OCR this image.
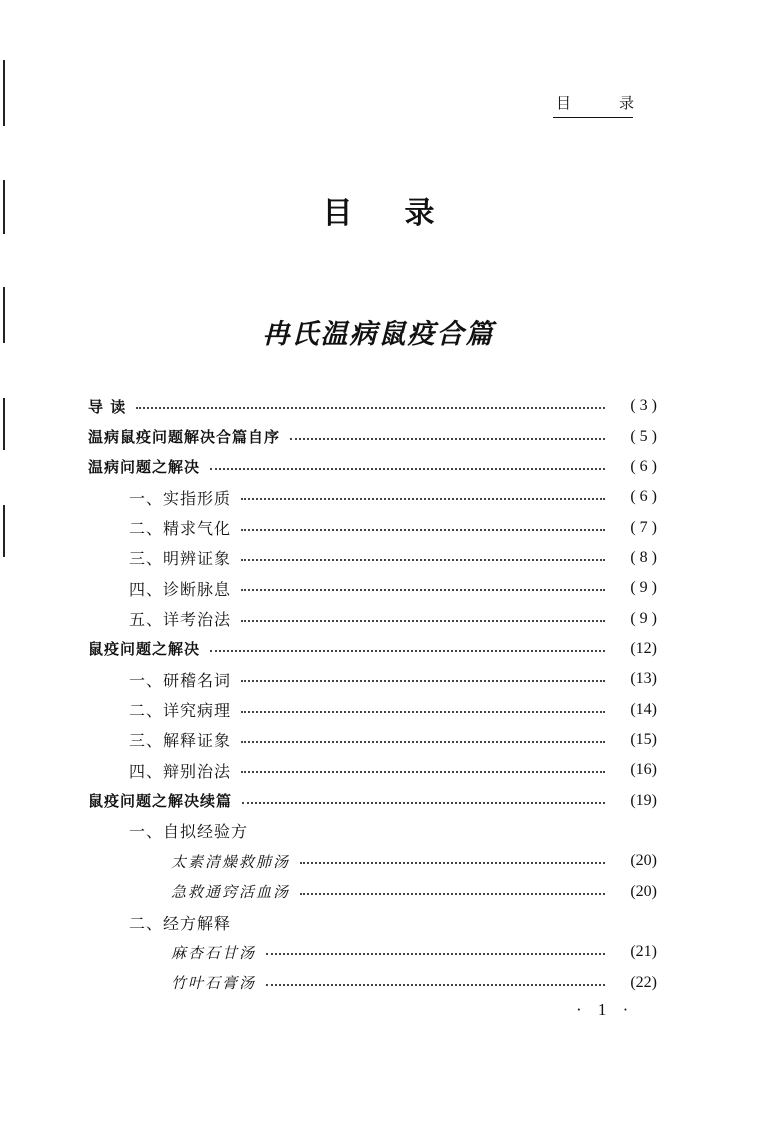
目	录
目录
冉氏温病鼠疫合篇
导 读	( 3 )
温病鼠疫问题解决合篇自序	( 5 )
温病问题之解决	( 6 )
一、实指形质	( 6 )
二、精求气化	( 7 )
三、明辨证象	( 8 )
四、诊断脉息	( 9 )
五、详考治法	( 9 )
鼠疫问题之解决	(12)
一、研稽名词	(13)
二、详究病理	(14)
三、解释证象	(15)
四、辩别治法	(16)
鼠疫问题之解决续篇	(19)
一、自拟经验方
太素清燥救肺汤	(20)
急救通窍活血汤	(20)
二、经方解释
麻杏石甘汤	(21)
竹叶石膏汤	(22)
· 1 ·
